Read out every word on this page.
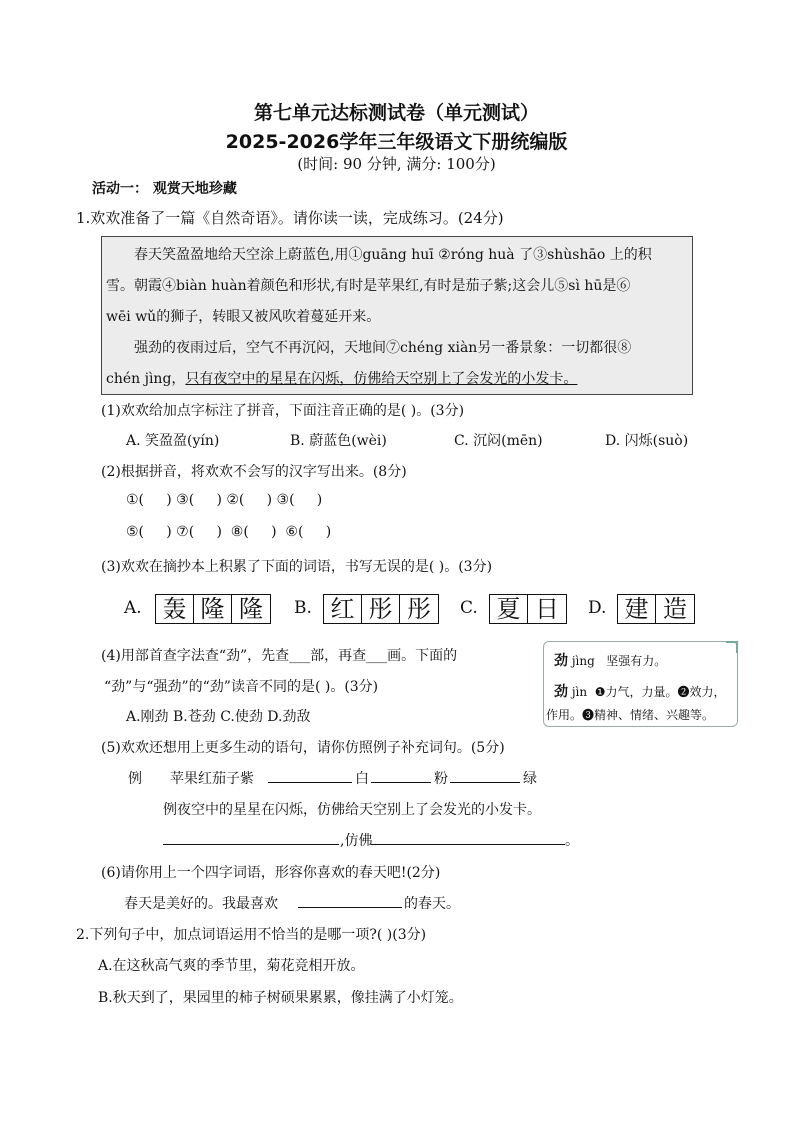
第七单元达标测试卷（单元测试）
2025-2026学年三年级语文下册统编版
(时间: 90 分钟, 满分: 100分)
活动一： 观赏天地珍藏
1.欢欢准备了一篇《自然奇语》。请你读一读，完成练习。(24分)

春天笑盈盈地给天空涂上蔚蓝色,用①guāng huī ②róng huà 了③shùshāo 上的积

雪。朝霞④biàn huàn着颜色和形状,有时是苹果红,有时是茄子紫;这会儿⑤sì hū是⑥

wēi wǔ的狮子，转眼又被风吹着蔓延开来。

强劲的夜雨过后，空气不再沉闷，天地间⑦chéng xiàn另一番景象：一切都很⑧

chén jìng，只有夜空中的星星在闪烁，仿佛给天空别上了会发光的小发卡。

(1)欢欢给加点字标注了拼音，下面注音正确的是( )。(3分)
A. 笑盈盈(yín)	B. 蔚蓝色(wèi)	C. 沉闷(mēn)	D. 闪烁(suò)
(2)根据拼音，将欢欢不会写的汉字写出来。(8分)
①(     ) ③(     ) ②(     ) ③(     )
⑤(     ) ⑦(     )  ⑧(     )  ⑥(     )
(3)欢欢在摘抄本上积累了下面的词语，书写无误的是( )。(3分)
A. 轰 隆 隆	B. 红 彤 彤	C. 夏 日	D. 建 造
(4)用部首查字法查“劲”，先查___部，再查___画。下面的
“劲”与“强劲”的“劲”读音不同的是( )。(3分)
A.刚劲 B.苍劲 C.使劲 D.劲敌
劲 jìng 坚强有力。
劲 jìn ❶力气，力量。❷效力，
作用。❸精神、情绪、兴趣等。
(5)欢欢还想用上更多生动的语句，请你仿照例子补充词句。(5分)
例 苹果红茄子紫	白	粉	绿
例夜空中的星星在闪烁，仿佛给天空别上了会发光的小发卡。
,仿佛	。
(6)请你用上一个四字词语，形容你喜欢的春天吧!(2分)
春天是美好的。我最喜欢	的春天。
2.下列句子中，加点词语运用不恰当的是哪一项?( )(3分)
A.在这秋高气爽的季节里，菊花竞相开放。
B.秋天到了，果园里的柿子树硕果累累，像挂满了小灯笼。
